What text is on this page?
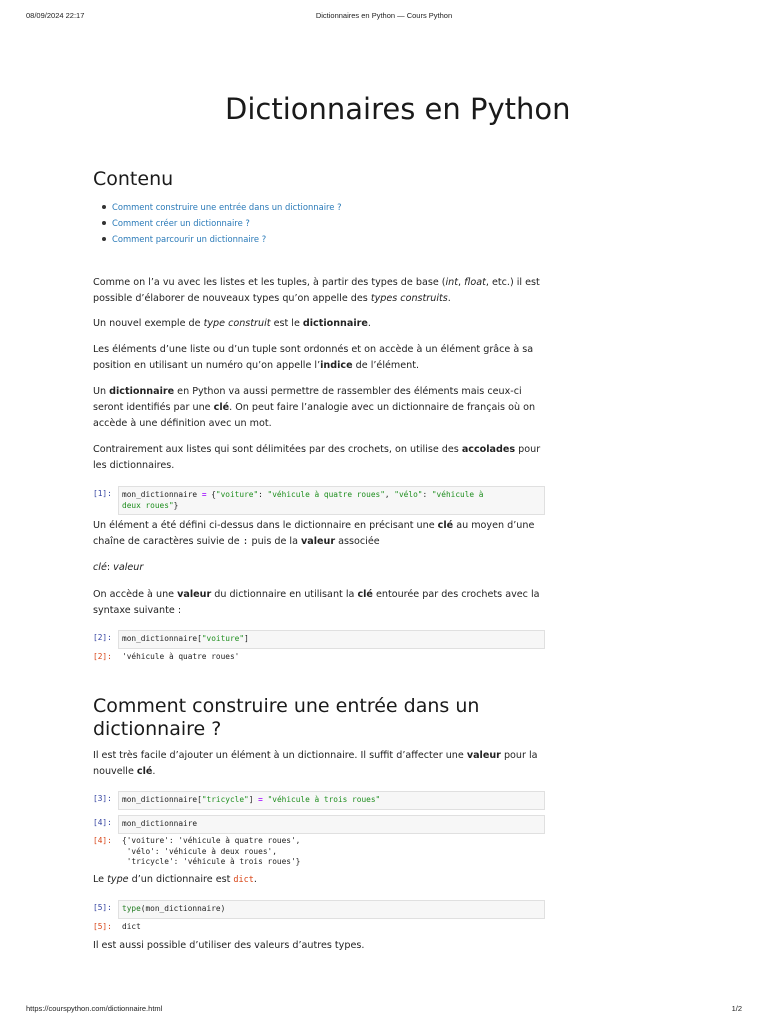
08/09/2024 22:17	Dictionnaires en Python — Cours Python
Dictionnaires en Python
Contenu
Comment construire une entrée dans un dictionnaire ?
Comment créer un dictionnaire ?
Comment parcourir un dictionnaire ?

Comme on l’a vu avec les listes et les tuples, à partir des types de base (int, float, etc.) il est possible d’élaborer de nouveaux types qu’on appelle des types construits.

Un nouvel exemple de type construit est le dictionnaire.

Les éléments d’une liste ou d’un tuple sont ordonnés et on accède à un élément grâce à sa position en utilisant un numéro qu’on appelle l’indice de l’élément.

Un dictionnaire en Python va aussi permettre de rassembler des éléments mais ceux-ci seront identifiés par une clé. On peut faire l’analogie avec un dictionnaire de français où on accède à une définition avec un mot.

Contrairement aux listes qui sont délimitées par des crochets, on utilise des accolades pour les dictionnaires.

[1]:	mon_dictionnaire = {"voiture": "véhicule à quatre roues", "vélo": "véhicule à
deux roues"}

Un élément a été défini ci-dessus dans le dictionnaire en précisant une clé au moyen d’une chaîne de caractères suivie de : puis de la valeur associée

clé: valeur

On accède à une valeur du dictionnaire en utilisant la clé entourée par des crochets avec la syntaxe suivante :

[2]:	mon_dictionnaire["voiture"]
[2]: 'véhicule à quatre roues'
Comment construire une entrée dans un dictionnaire ?

Il est très facile d’ajouter un élément à un dictionnaire. Il suffit d’affecter une valeur pour la nouvelle clé.

[3]:	mon_dictionnaire["tricycle"] = "véhicule à trois roues"
[4]:	mon_dictionnaire
[4]: {'voiture': 'véhicule à quatre roues',
'vélo': 'véhicule à deux roues',
'tricycle': 'véhicule à trois roues'}

Le type d’un dictionnaire est dict.

[5]:	type(mon_dictionnaire)
[5]: dict

Il est aussi possible d’utiliser des valeurs d’autres types.

https://courspython.com/dictionnaire.html	1/2
